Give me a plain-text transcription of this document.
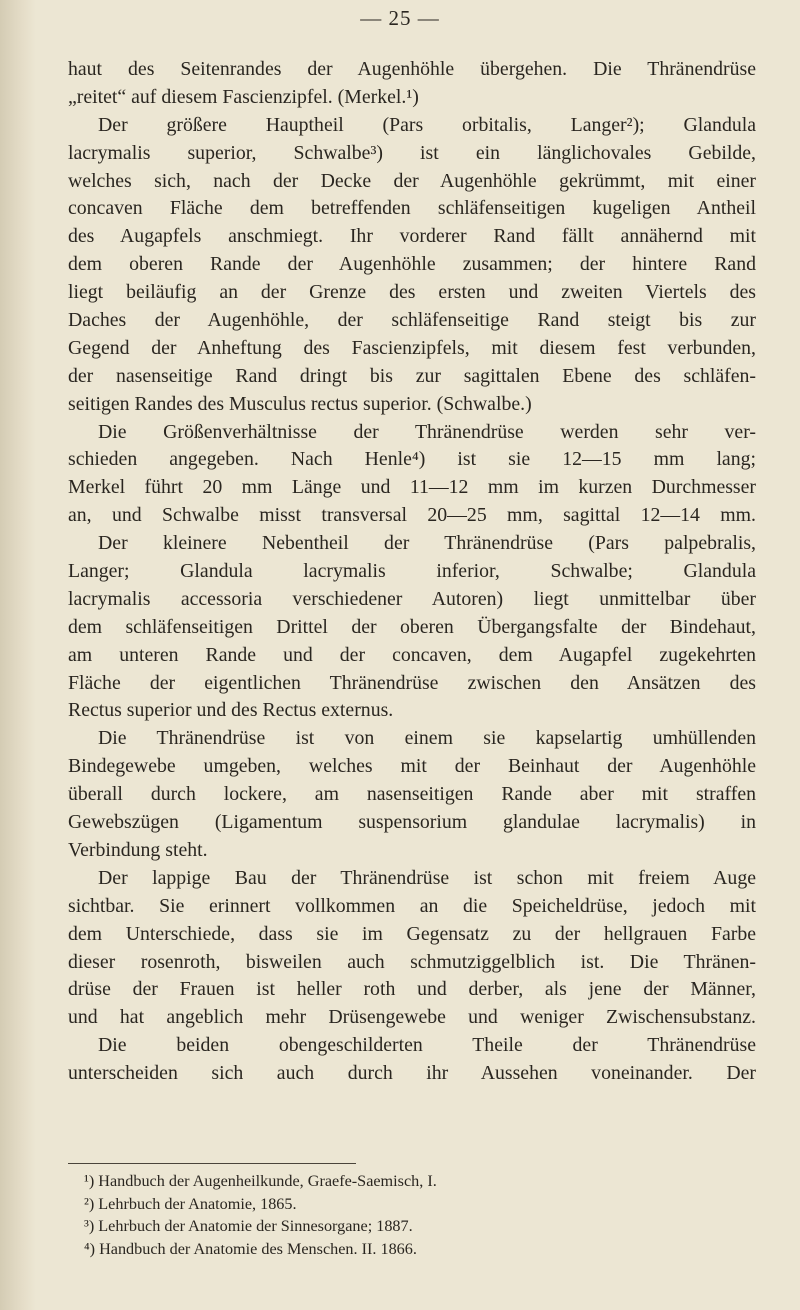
— 25 —
haut des Seitenrandes der Augenhöhle übergehen. Die Thränendrüse
„reitet“ auf diesem Fascienzipfel. (Merkel.¹)
Der größere Hauptheil (Pars orbitalis, Langer²); Glandula
lacrymalis superior, Schwalbe³) ist ein länglichovales Gebilde,
welches sich, nach der Decke der Augenhöhle gekrümmt, mit einer
concaven Fläche dem betreffenden schläfenseitigen kugeligen Antheil
des Augapfels anschmiegt. Ihr vorderer Rand fällt annähernd mit
dem oberen Rande der Augenhöhle zusammen; der hintere Rand
liegt beiläufig an der Grenze des ersten und zweiten Viertels des
Daches der Augenhöhle, der schläfenseitige Rand steigt bis zur
Gegend der Anheftung des Fascienzipfels, mit diesem fest verbunden,
der nasenseitige Rand dringt bis zur sagittalen Ebene des schläfen-
seitigen Randes des Musculus rectus superior. (Schwalbe.)
Die Größenverhältnisse der Thränendrüse werden sehr ver-
schieden angegeben. Nach Henle⁴) ist sie 12—15 mm lang;
Merkel führt 20 mm Länge und 11—12 mm im kurzen Durchmesser
an, und Schwalbe misst transversal 20—25 mm, sagittal 12—14 mm.
Der kleinere Nebentheil der Thränendrüse (Pars palpebralis,
Langer; Glandula lacrymalis inferior, Schwalbe; Glandula
lacrymalis accessoria verschiedener Autoren) liegt unmittelbar über
dem schläfenseitigen Drittel der oberen Übergangsfalte der Bindehaut,
am unteren Rande und der concaven, dem Augapfel zugekehrten
Fläche der eigentlichen Thränendrüse zwischen den Ansätzen des
Rectus superior und des Rectus externus.
Die Thränendrüse ist von einem sie kapselartig umhüllenden
Bindegewebe umgeben, welches mit der Beinhaut der Augenhöhle
überall durch lockere, am nasenseitigen Rande aber mit straffen
Gewebszügen (Ligamentum suspensorium glandulae lacrymalis) in
Verbindung steht.
Der lappige Bau der Thränendrüse ist schon mit freiem Auge
sichtbar. Sie erinnert vollkommen an die Speicheldrüse, jedoch mit
dem Unterschiede, dass sie im Gegensatz zu der hellgrauen Farbe
dieser rosenroth, bisweilen auch schmutziggelblich ist. Die Thränen-
drüse der Frauen ist heller roth und derber, als jene der Männer,
und hat angeblich mehr Drüsengewebe und weniger Zwischensubstanz.
Die beiden obengeschilderten Theile der Thränendrüse
unterscheiden sich auch durch ihr Aussehen voneinander. Der
¹) Handbuch der Augenheilkunde, Graefe-Saemisch, I.
²) Lehrbuch der Anatomie, 1865.
³) Lehrbuch der Anatomie der Sinnesorgane; 1887.
⁴) Handbuch der Anatomie des Menschen. II. 1866.
